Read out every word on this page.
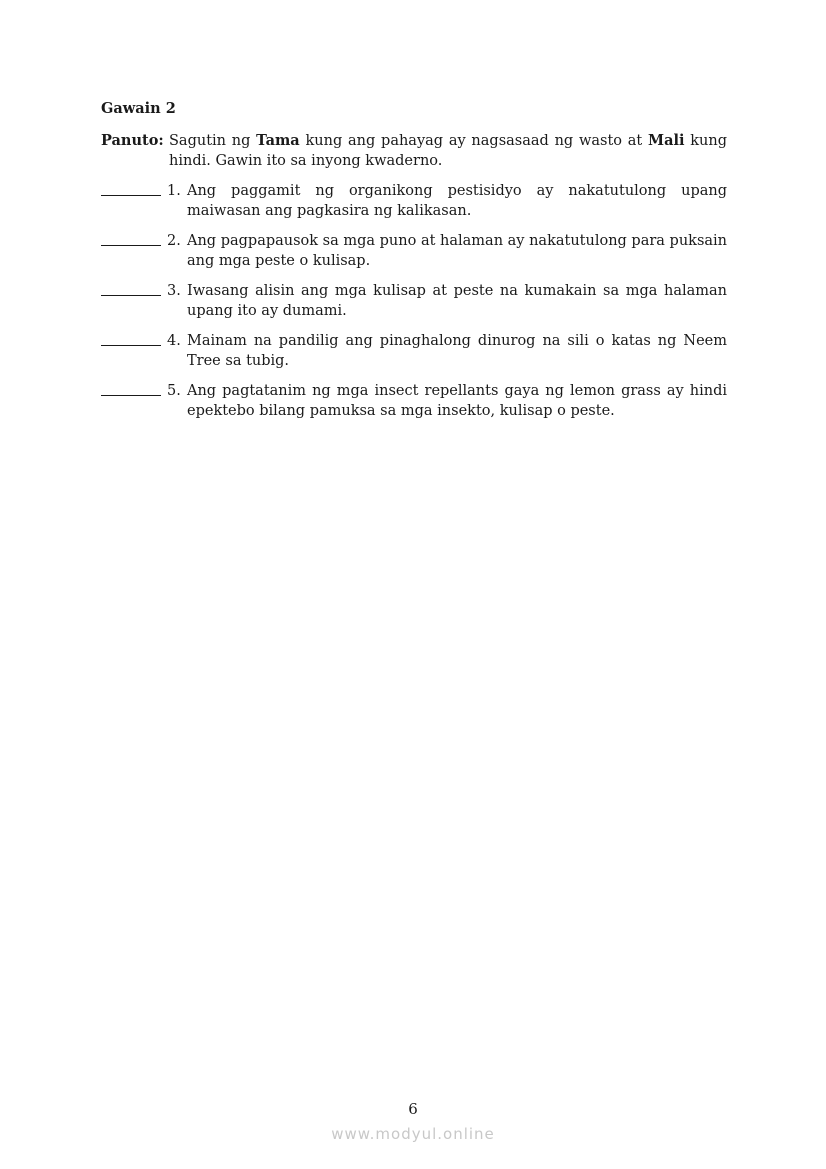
Gawain 2
Panuto: Sagutin ng Tama kung ang pahayag ay nagsasaad ng wasto at Mali kung hindi. Gawin ito sa inyong kwaderno.
1. Ang paggamit ng organikong pestisidyo ay nakatutulong upang maiwasan ang pagkasira ng kalikasan.
2. Ang pagpapausok sa mga puno at halaman ay nakatutulong para puksain ang mga peste o kulisap.
3. Iwasang alisin ang mga kulisap at peste na kumakain sa mga halaman upang ito ay dumami.
4. Mainam na pandilig ang pinaghalong dinurog na sili o katas ng Neem Tree sa tubig.
5. Ang pagtatanim ng mga insect repellants gaya ng lemon grass ay hindi epektebo bilang pamuksa sa mga insekto, kulisap o peste.
6
www.modyul.online
